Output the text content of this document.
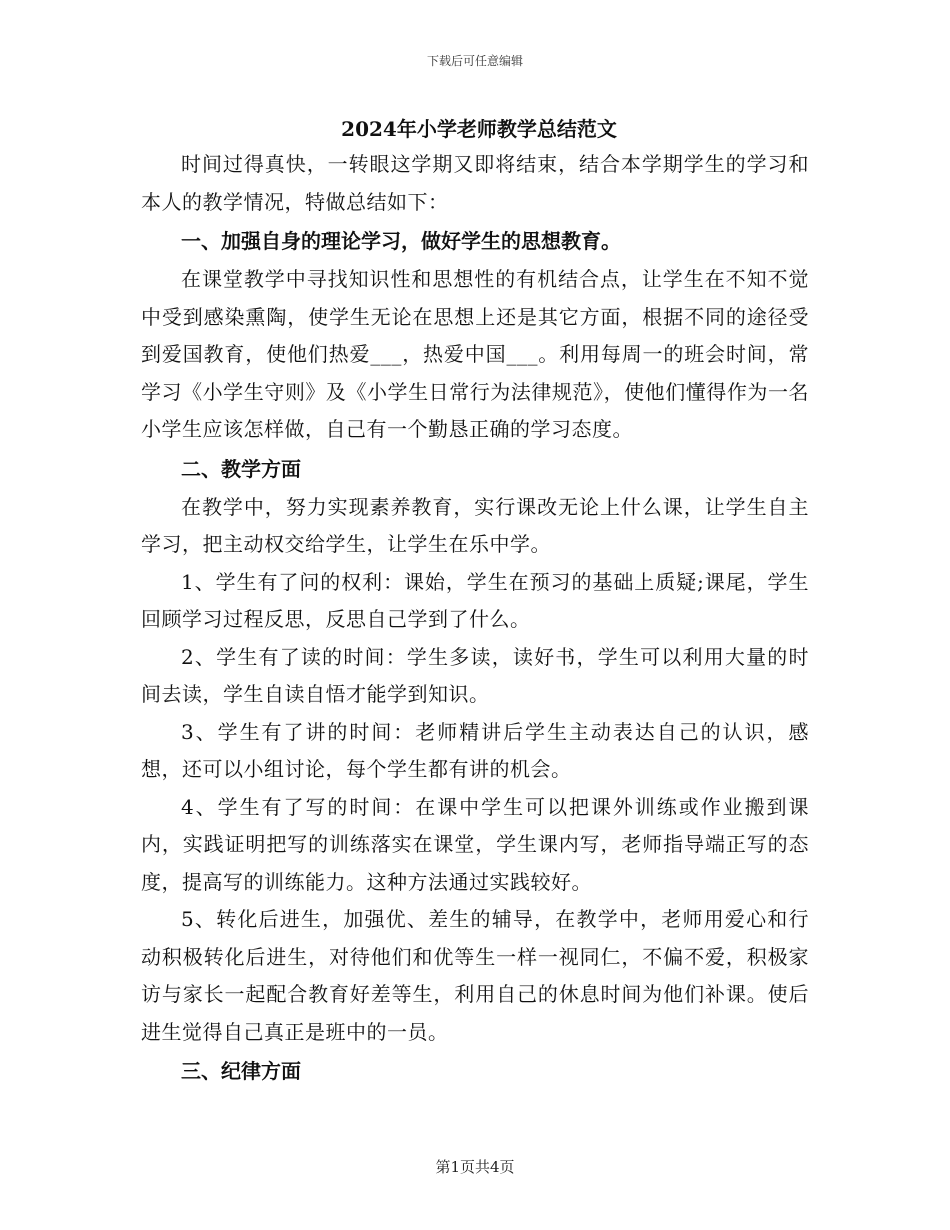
下载后可任意编辑
2024年小学老师教学总结范文

时间过得真快，一转眼这学期又即将结束，结合本学期学生的学习和本人的教学情况，特做总结如下：

一、加强自身的理论学习，做好学生的思想教育。

在课堂教学中寻找知识性和思想性的有机结合点，让学生在不知不觉中受到感染熏陶，使学生无论在思想上还是其它方面，根据不同的途径受到爱国教育，使他们热爱___，热爱中国___。利用每周一的班会时间，常学习《小学生守则》及《小学生日常行为法律规范》，使他们懂得作为一名小学生应该怎样做，自己有一个勤恳正确的学习态度。

二、教学方面

在教学中，努力实现素养教育，实行课改无论上什么课，让学生自主学习，把主动权交给学生，让学生在乐中学。

1、学生有了问的权利：课始，学生在预习的基础上质疑;课尾，学生回顾学习过程反思，反思自己学到了什么。

2、学生有了读的时间：学生多读，读好书，学生可以利用大量的时间去读，学生自读自悟才能学到知识。

3、学生有了讲的时间：老师精讲后学生主动表达自己的认识，感想，还可以小组讨论，每个学生都有讲的机会。

4、学生有了写的时间：在课中学生可以把课外训练或作业搬到课内，实践证明把写的训练落实在课堂，学生课内写，老师指导端正写的态度，提高写的训练能力。这种方法通过实践较好。

5、转化后进生，加强优、差生的辅导，在教学中，老师用爱心和行动积极转化后进生，对待他们和优等生一样一视同仁，不偏不爱，积极家访与家长一起配合教育好差等生，利用自己的休息时间为他们补课。使后进生觉得自己真正是班中的一员。

三、纪律方面

第1页共4页
